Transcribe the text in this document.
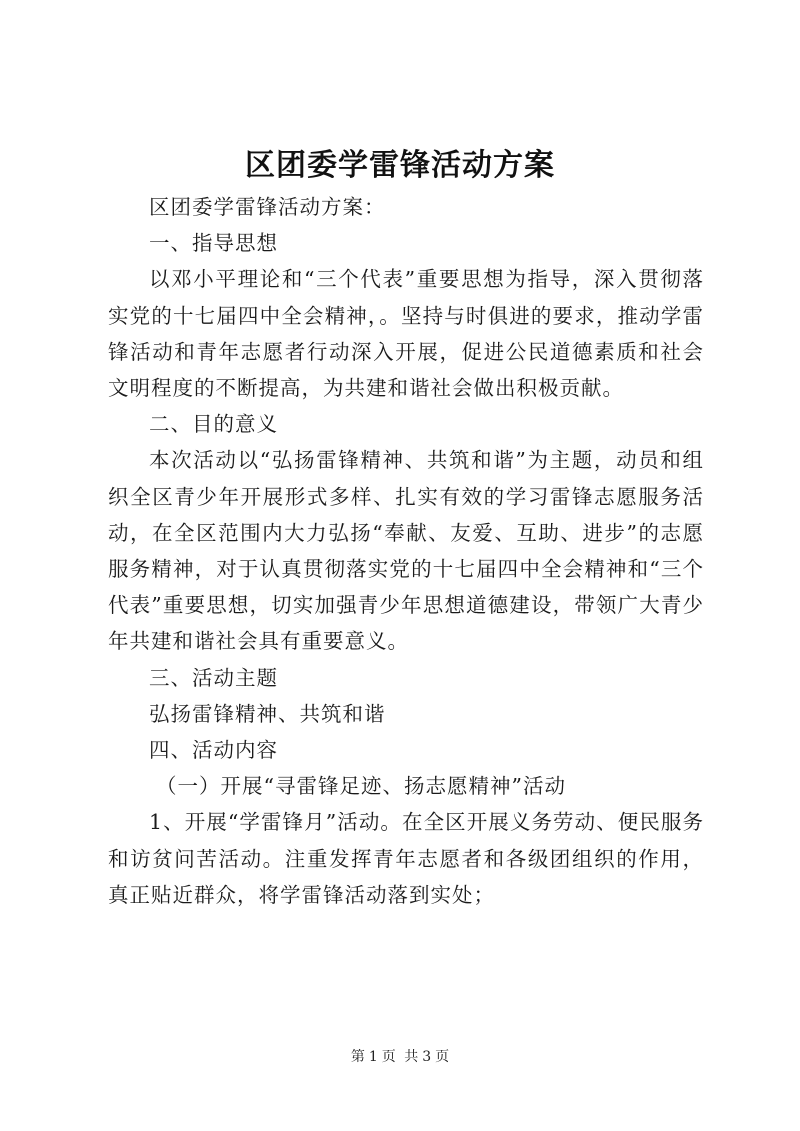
区团委学雷锋活动方案

区团委学雷锋活动方案：

一、指导思想

以邓小平理论和“三个代表”重要思想为指导，深入贯彻落实党的十七届四中全会精神，。坚持与时俱进的要求，推动学雷锋活动和青年志愿者行动深入开展，促进公民道德素质和社会文明程度的不断提高，为共建和谐社会做出积极贡献。

二、目的意义

本次活动以“弘扬雷锋精神、共筑和谐”为主题，动员和组织全区青少年开展形式多样、扎实有效的学习雷锋志愿服务活动，在全区范围内大力弘扬“奉献、友爱、互助、进步”的志愿服务精神，对于认真贯彻落实党的十七届四中全会精神和“三个代表”重要思想，切实加强青少年思想道德建设，带领广大青少年共建和谐社会具有重要意义。

三、活动主题

弘扬雷锋精神、共筑和谐

四、活动内容

（一）开展“寻雷锋足迹、扬志愿精神”活动

1、开展“学雷锋月”活动。在全区开展义务劳动、便民服务和访贫问苦活动。注重发挥青年志愿者和各级团组织的作用，真正贴近群众，将学雷锋活动落到实处；

第 1 页 共 3 页
